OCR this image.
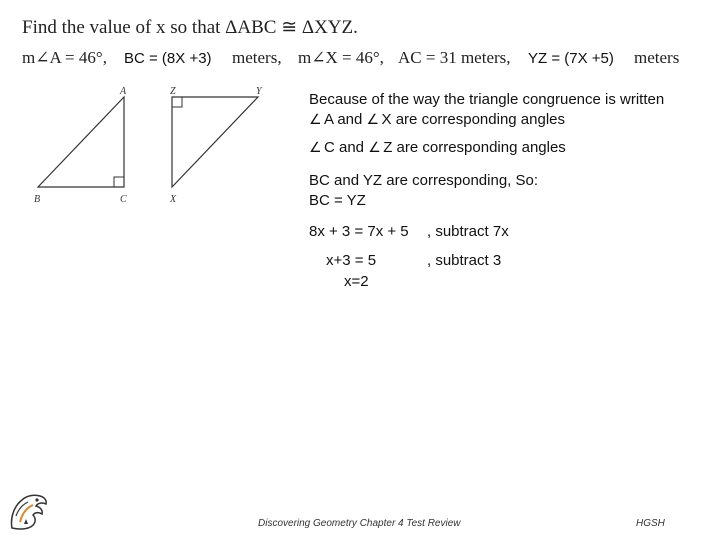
Find the value of x so that ΔABC ≅ ΔXYZ.
m∠A = 46°, BC = (8X +3) meters, m∠X = 46°, AC = 31 meters, YZ = (7X +5) meters
A
B	C
Z	Y
X
Because of the way the triangle congruence is written
∠ A and ∠ X are corresponding angles
∠ C and ∠ Z are corresponding angles
BC and YZ are corresponding, So:
BC = YZ
8x + 3 = 7x + 5 , subtract 7x
x+3 = 5	, subtract 3
x=2
Discovering Geometry Chapter 4 Test Review	HGSH
